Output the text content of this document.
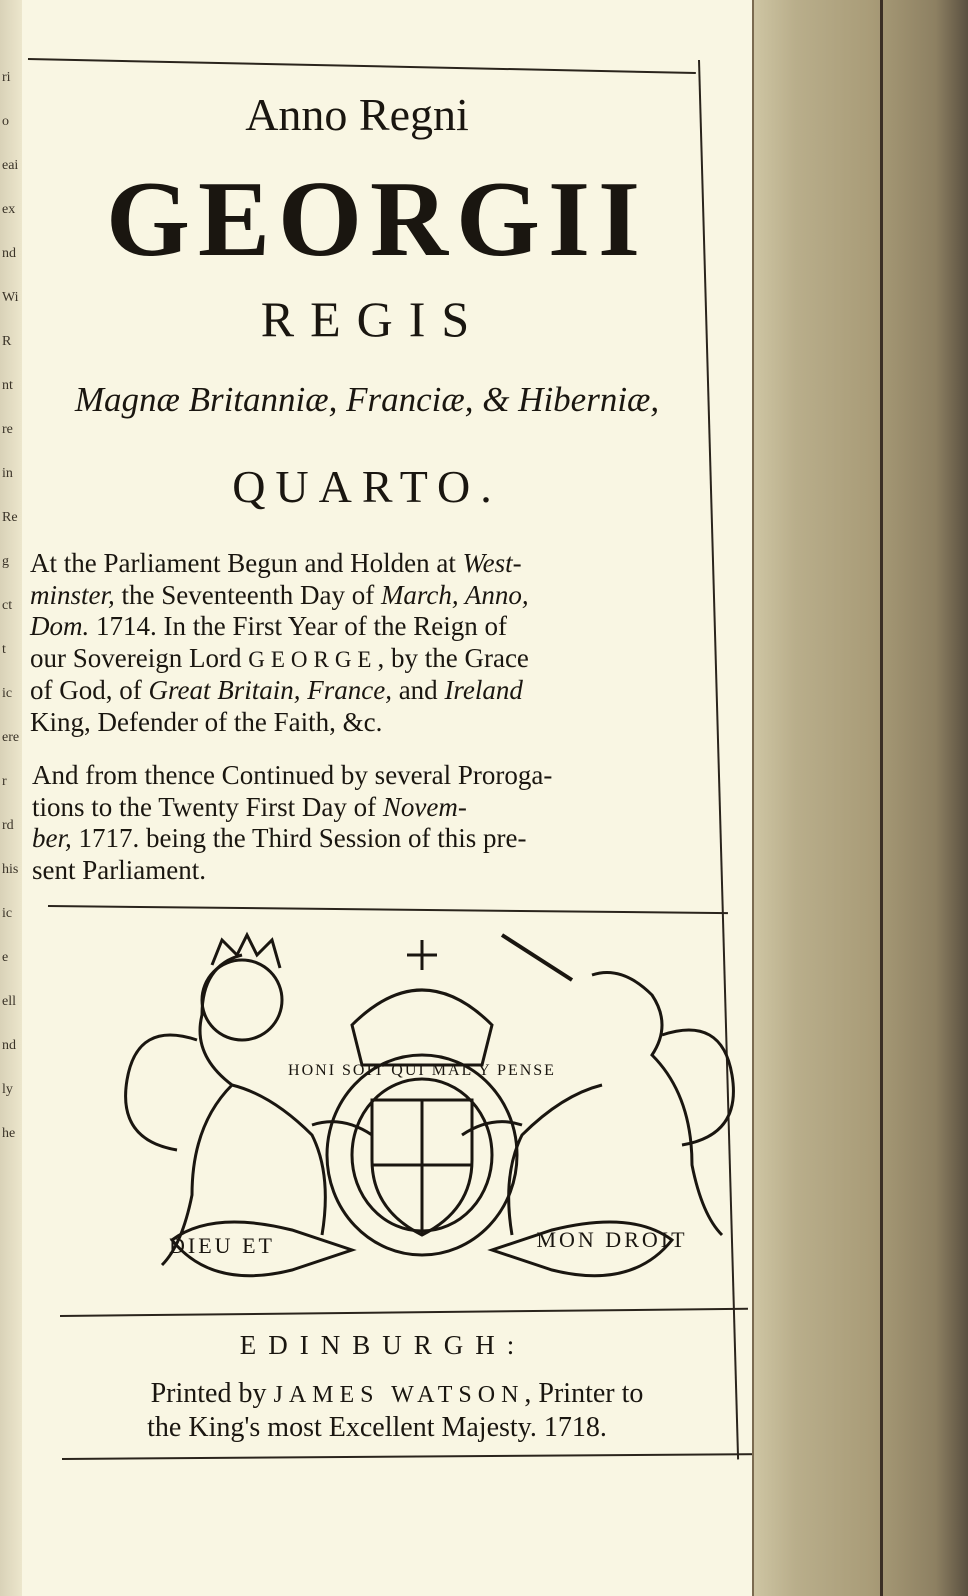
ri
o
eai
ex
nd
Wi
R
nt
re
in
Re
g
ct
t
ic
ere
r
rd
his
ic
e
ell
nd
ly
he
Anno Regni
GEORGII
REGIS
Magnæ Britanniæ, Franciæ, & Hiberniæ,
QUARTO.
At the Parliament Begun and Holden at West-
minster, the Seventeenth Day of March, Anno,
Dom. 1714. In the First Year of the Reign of
our Sovereign Lord GEORGE, by the Grace
of God, of Great Britain, France, and Ireland
King, Defender of the Faith, &c.
And from thence Continued by several Proroga-
tions to the Twenty First Day of Novem-
ber, 1717. being the Third Session of this pre-
sent Parliament.
HONI SOIT QUI MAL Y PENSE
DIEU ET	MON DROIT
EDINBURGH:
Printed by JAMES WATSON, Printer to
the King's most Excellent Majesty. 1718.
